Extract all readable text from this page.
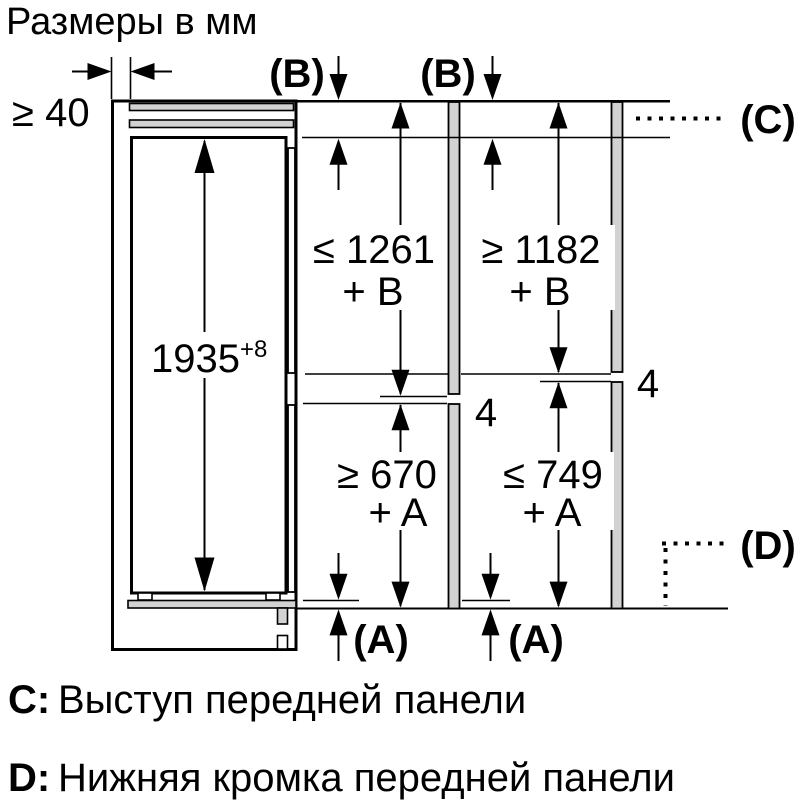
Размеры в мм
≥ 40
$1935^{+8}$
(B) (B)
(C)
≤ 1261
+ B
≥ 1182
+ B
4
4
≥ 670
+ A
≤ 749
+ A
(A) (A)
(D)
C: Выступ передней панели
D: Нижняя кромка передней панели
